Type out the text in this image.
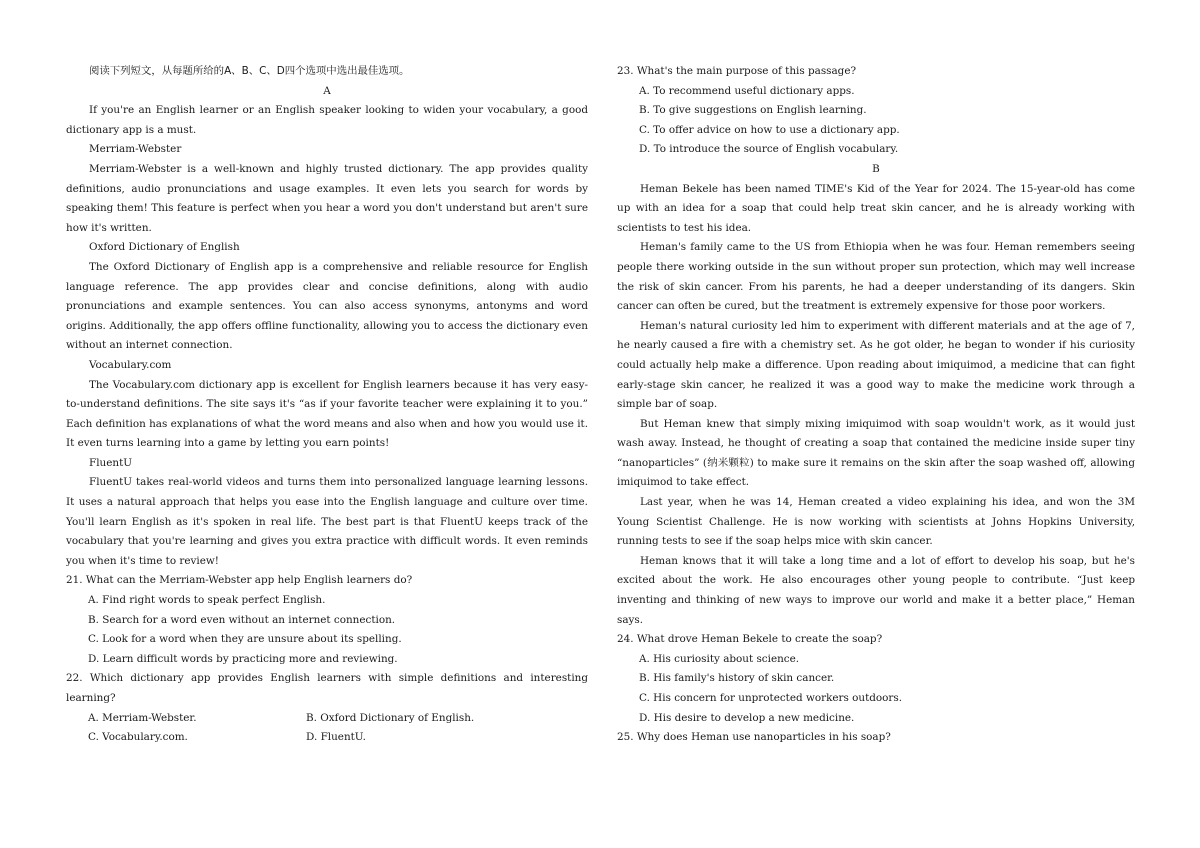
阅读下列短文，从每题所给的A、B、C、D四个选项中选出最佳选项。

A

If you're an English learner or an English speaker looking to widen your vocabulary, a good dictionary app is a must.

Merriam-Webster

Merriam-Webster is a well-known and highly trusted dictionary. The app provides quality definitions, audio pronunciations and usage examples. It even lets you search for words by speaking them! This feature is perfect when you hear a word you don't understand but aren't sure how it's written.

Oxford Dictionary of English

The Oxford Dictionary of English app is a comprehensive and reliable resource for English language reference. The app provides clear and concise definitions, along with audio pronunciations and example sentences. You can also access synonyms, antonyms and word origins. Additionally, the app offers offline functionality, allowing you to access the dictionary even without an internet connection.

Vocabulary.com

The Vocabulary.com dictionary app is excellent for English learners because it has very easy-to-understand definitions. The site says it's “as if your favorite teacher were explaining it to you.” Each definition has explanations of what the word means and also when and how you would use it. It even turns learning into a game by letting you earn points!

FluentU

FluentU takes real-world videos and turns them into personalized language learning lessons. It uses a natural approach that helps you ease into the English language and culture over time. You'll learn English as it's spoken in real life. The best part is that FluentU keeps track of the vocabulary that you're learning and gives you extra practice with difficult words. It even reminds you when it's time to review!

21. What can the Merriam-Webster app help English learners do?

A. Find right words to speak perfect English.

B. Search for a word even without an internet connection.

C. Look for a word when they are unsure about its spelling.

D. Learn difficult words by practicing more and reviewing.

22. Which dictionary app provides English learners with simple definitions and interesting learning?

A. Merriam-Webster.	B. Oxford Dictionary of English.
C. Vocabulary.com.	D. FluentU.

23. What's the main purpose of this passage?

A. To recommend useful dictionary apps.

B. To give suggestions on English learning.

C. To offer advice on how to use a dictionary app.

D. To introduce the source of English vocabulary.

B

Heman Bekele has been named TIME's Kid of the Year for 2024. The 15-year-old has come up with an idea for a soap that could help treat skin cancer, and he is already working with scientists to test his idea.

Heman's family came to the US from Ethiopia when he was four. Heman remembers seeing people there working outside in the sun without proper sun protection, which may well increase the risk of skin cancer. From his parents, he had a deeper understanding of its dangers. Skin cancer can often be cured, but the treatment is extremely expensive for those poor workers.

Heman's natural curiosity led him to experiment with different materials and at the age of 7, he nearly caused a fire with a chemistry set. As he got older, he began to wonder if his curiosity could actually help make a difference. Upon reading about imiquimod, a medicine that can fight early-stage skin cancer, he realized it was a good way to make the medicine work through a simple bar of soap.

But Heman knew that simply mixing imiquimod with soap wouldn't work, as it would just wash away. Instead, he thought of creating a soap that contained the medicine inside super tiny “nanoparticles” (纳米颗粒) to make sure it remains on the skin after the soap washed off, allowing imiquimod to take effect.

Last year, when he was 14, Heman created a video explaining his idea, and won the 3M Young Scientist Challenge. He is now working with scientists at Johns Hopkins University, running tests to see if the soap helps mice with skin cancer.

Heman knows that it will take a long time and a lot of effort to develop his soap, but he's excited about the work. He also encourages other young people to contribute. “Just keep inventing and thinking of new ways to improve our world and make it a better place,” Heman says.

24. What drove Heman Bekele to create the soap?

A. His curiosity about science.

B. His family's history of skin cancer.

C. His concern for unprotected workers outdoors.

D. His desire to develop a new medicine.

25. Why does Heman use nanoparticles in his soap?
